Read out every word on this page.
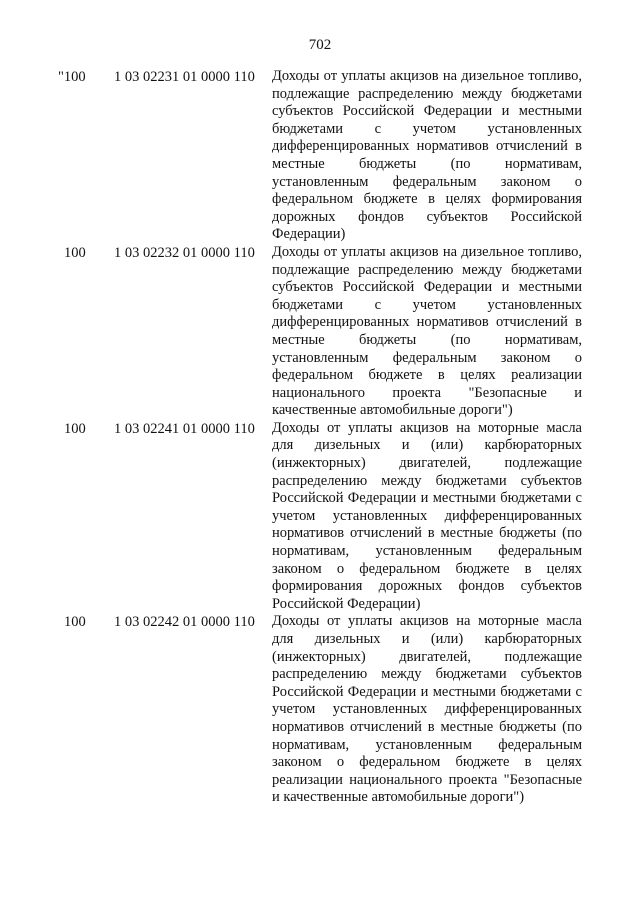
702
"100	1 03 02231 01 0000 110	Доходы от уплаты акцизов на дизельное топливо, подлежащие распределению между бюджетами субъектов Российской Федерации и местными бюджетами с учетом установленных дифференцированных нормативов отчислений в местные бюджеты (по нормативам, установленным федеральным законом о федеральном бюджете в целях формирования дорожных фондов субъектов Российской Федерации)
100	1 03 02232 01 0000 110	Доходы от уплаты акцизов на дизельное топливо, подлежащие распределению между бюджетами субъектов Российской Федерации и местными бюджетами с учетом установленных дифференцированных нормативов отчислений в местные бюджеты (по нормативам, установленным федеральным законом о федеральном бюджете в целях реализации национального проекта "Безопасные и качественные автомобильные дороги")
100	1 03 02241 01 0000 110	Доходы от уплаты акцизов на моторные масла для дизельных и (или) карбюраторных (инжекторных) двигателей, подлежащие распределению между бюджетами субъектов Российской Федерации и местными бюджетами с учетом установленных дифференцированных нормативов отчислений в местные бюджеты (по нормативам, установленным федеральным законом о федеральном бюджете в целях формирования дорожных фондов субъектов Российской Федерации)
100	1 03 02242 01 0000 110	Доходы от уплаты акцизов на моторные масла для дизельных и (или) карбюраторных (инжекторных) двигателей, подлежащие распределению между бюджетами субъектов Российской Федерации и местными бюджетами с учетом установленных дифференцированных нормативов отчислений в местные бюджеты (по нормативам, установленным федеральным законом о федеральном бюджете в целях реализации национального проекта "Безопасные и качественные автомобильные дороги")
